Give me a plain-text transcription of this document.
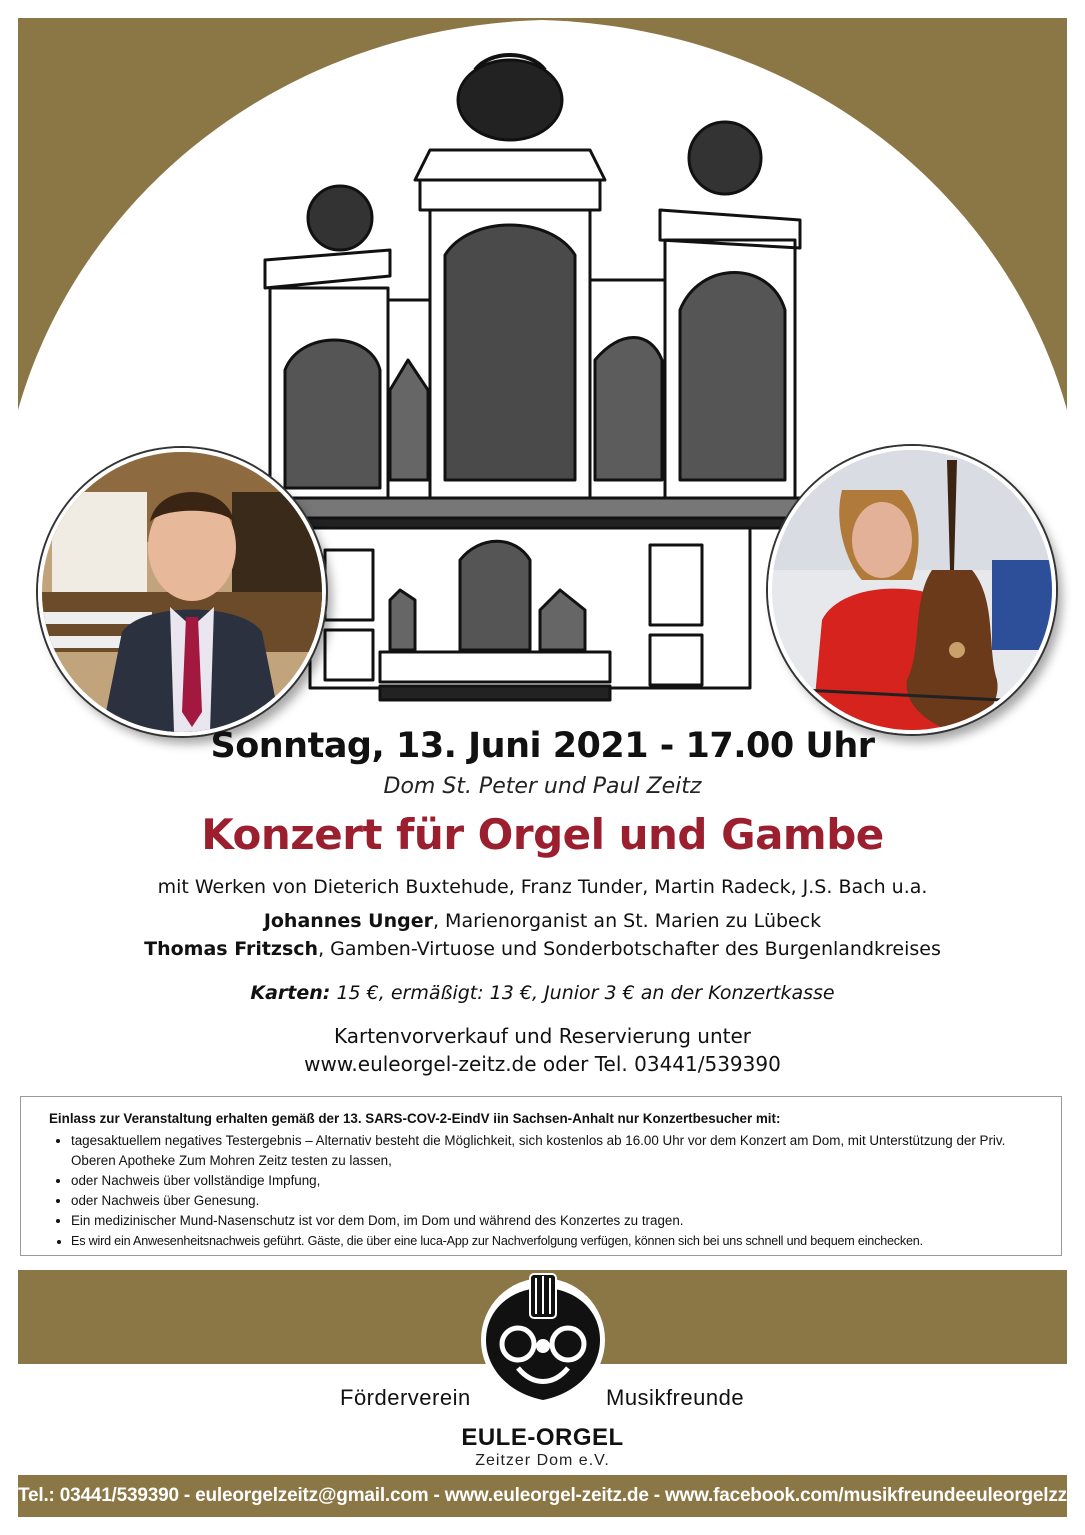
Sonntag, 13. Juni 2021 - 17.00 Uhr
Dom St. Peter und Paul Zeitz
Konzert für Orgel und Gambe
mit Werken von Dieterich Buxtehude, Franz Tunder, Martin Radeck, J.S. Bach u.a.
Johannes Unger, Marienorganist an St. Marien zu Lübeck
Thomas Fritzsch, Gamben-Virtuose und Sonderbotschafter des Burgenlandkreises
Karten: 15 €, ermäßigt: 13 €, Junior 3 € an der Konzertkasse
Kartenvorverkauf und Reservierung unter
www.euleorgel-zeitz.de oder Tel. 03441/539390
Einlass zur Veranstaltung erhalten gemäß der 13. SARS-COV-2-EindV iin Sachsen-Anhalt nur Konzertbesucher mit:
• tagesaktuellem negatives Testergebnis – Alternativ besteht die Möglichkeit, sich kostenlos ab 16.00 Uhr vor dem Konzert am Dom, mit Unterstützung der Priv. Oberen Apotheke Zum Mohren Zeitz testen zu lassen,
• oder Nachweis über vollständige Impfung,
• oder Nachweis über Genesung.
• Ein medizinischer Mund-Nasenschutz ist vor dem Dom, im Dom und während des Konzertes zu tragen.
• Es wird ein Anwesenheitsnachweis geführt. Gäste, die über eine luca-App zur Nachverfolgung verfügen, können sich bei uns schnell und bequem einchecken.
Förderverein	Musikfreunde
EULE-ORGEL
Zeitzer Dom e.V.
Tel.: 03441/539390 - euleorgelzeitz@gmail.com - www.euleorgel-zeitz.de - www.facebook.com/musikfreundeeuleorgelzz
